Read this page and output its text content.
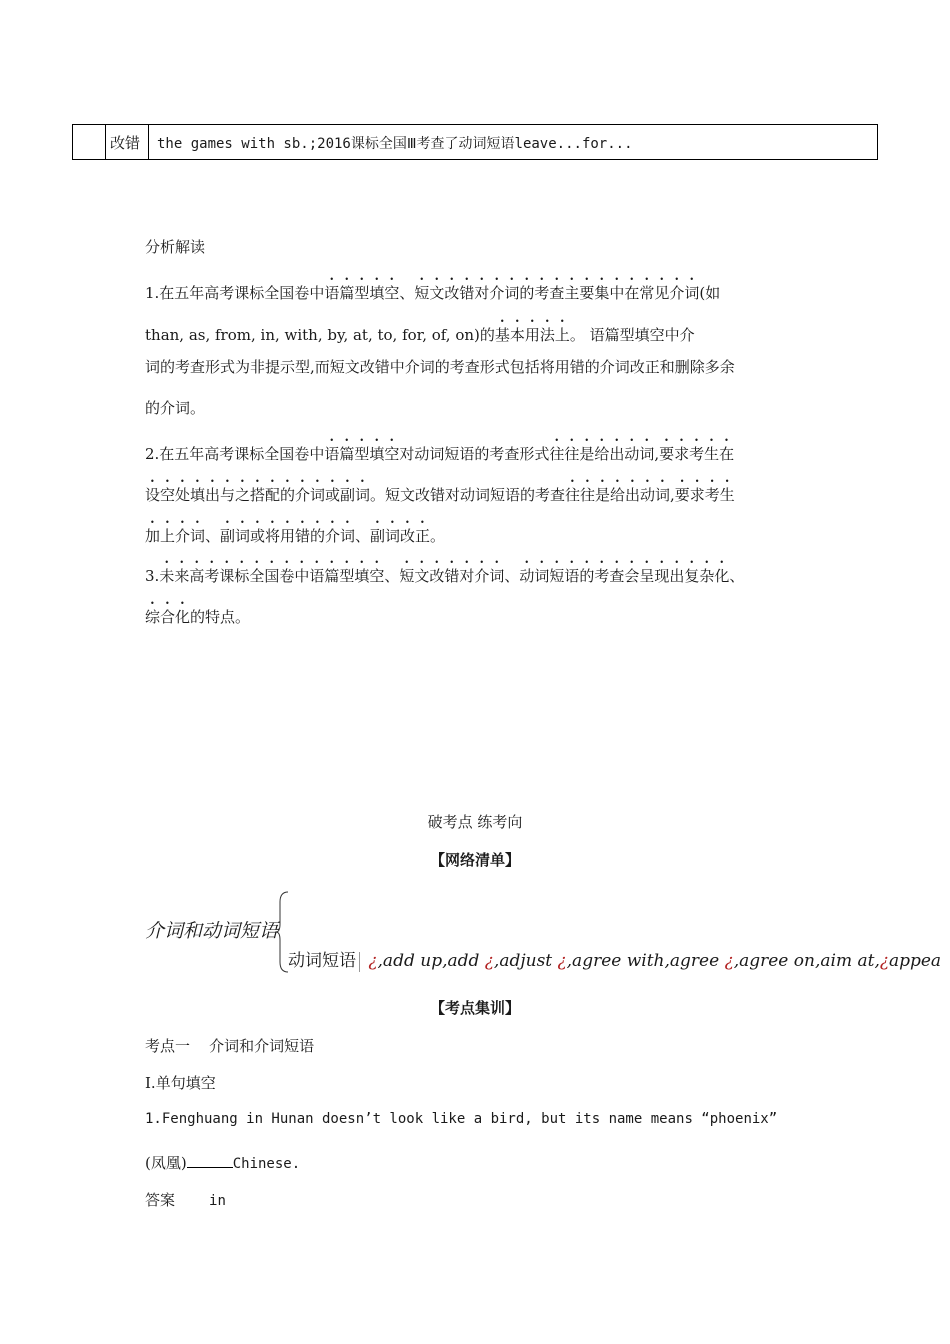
改错 the games with sb.;2016课标全国Ⅲ考查了动词短语leave...for...
分析解读
1.在五年高考课标全国卷中语篇型填空、短文改错对介词的考查主要集中在常见介词(如
than, as, from, in, with, by, at, to, for, of, on)的基本用法上。 语篇型填空中介
词的考查形式为非提示型,而短文改错中介词的考查形式包括将用错的介词改正和删除多余
的介词。
2.在五年高考课标全国卷中语篇型填空对动词短语的考查形式往往是给出动词,要求考生在
设空处填出与之搭配的介词或副词。短文改错对动词短语的考查往往是给出动词,要求考生
加上介词、副词或将用错的介词、副词改正。
3.未来高考课标全国卷中语篇型填空、短文改错对介词、动词短语的考查会呈现出复杂化、
综合化的特点。
破考点 练考向
【网络清单】
介词和动词短语
动词短语 ¿,add up,add ¿,adjust ¿,agree with,agree ¿,agree on,aim at,¿appea
【考点集训】
考点一    介词和介词短语
Ⅰ.单句填空
1.Fenghuang in Hunan doesn’t look like a bird, but its name means “phoenix”
(凤凰)	Chinese.
答案 in
